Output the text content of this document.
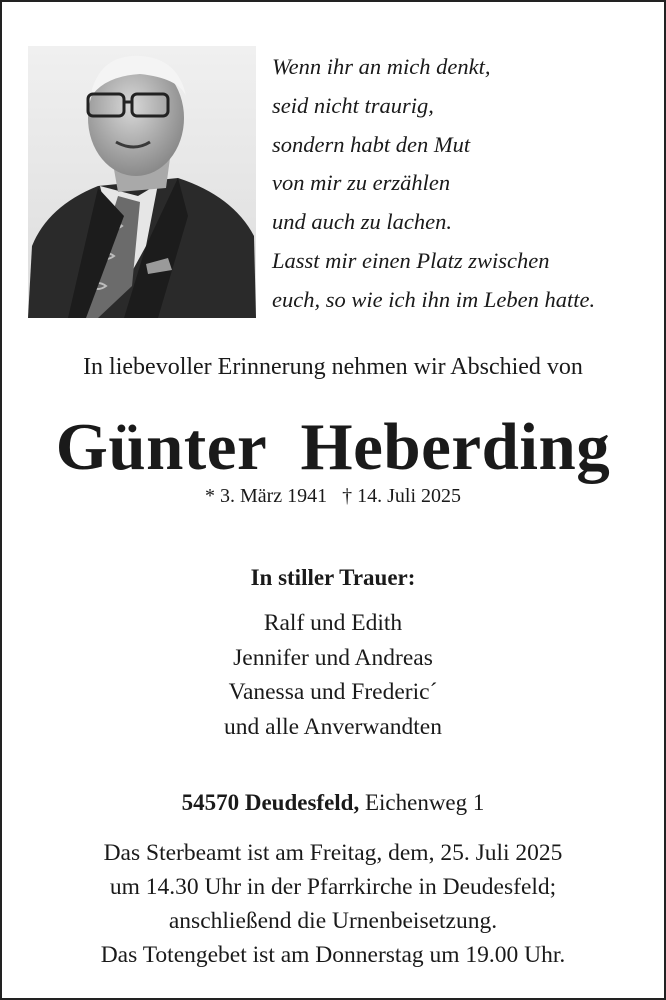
Wenn ihr an mich denkt,
seid nicht traurig,
sondern habt den Mut
von mir zu erzählen
und auch zu lachen.
Lasst mir einen Platz zwischen
euch, so wie ich ihn im Leben hatte.
In liebevoller Erinnerung nehmen wir Abschied von
Günter  Heberding
* 3. März 1941   † 14. Juli 2025
In stiller Trauer:
Ralf und Edith
Jennifer und Andreas
Vanessa und Frederic´
und alle Anverwandten
54570 Deudesfeld, Eichenweg 1
Das Sterbeamt ist am Freitag, dem, 25. Juli 2025
um 14.30 Uhr in der Pfarrkirche in Deudesfeld;
anschließend die Urnenbeisetzung.
Das Totengebet ist am Donnerstag um 19.00 Uhr.
